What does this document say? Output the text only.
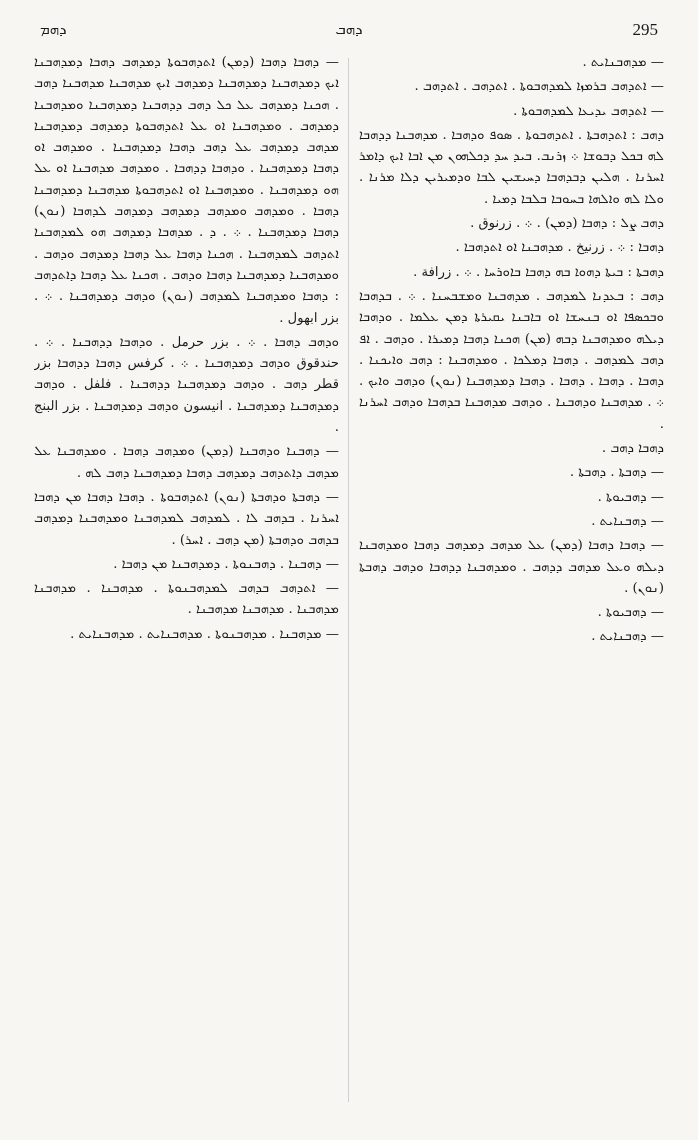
ܕܗܡ	ܕܗܒ	295

— ܡܕܗܒܢܐܝܬ .

— ܐܬܕܗܒ ܒܪܡܙܐ ܠܡܕܗܒܘܬܐ . ܐܬܕܗܒ . ܐܬܕܗܒ .

— ܐܬܕܗܒ ܝܕܝܥܐ ܠܡܕܗܒܘܬܐ .

ܕܗܒ : ܐܬܕܗܒܬܐ . ܐܬܕܗܒܘܬܐ . ܣܘܦ ܘܕܗܒܐ . ܡܕܗܒܢܐ ܕܕܗܒܐ ܠܗ ܒܟܠ ܕܒܘܫܐ ܀ ܙܪܢܒ. ܒܝܕ ܚܕ ܕܟܠܗܘܢ ܡܢ ܐܒܐ ܐܝܟ ܕܐܡܪ ܐܚܪܢܐ . ܗܠܝܢ ܕܒܕܗܒܐ ܕܚܝܫܝܢ ܠܒܐ ܘܕܡܝܪܝܢ ܕܠܐ ܡܪܢܐ . ܘܠܐ ܠܗ ܘܐܠܗܐ ܒܚܘܒܐ ܒܠܒܐ ܕܡܝܐ .

ܕܗܒ ܨܠ : ܕܗܒܐ (ܕܡܢ) . ܀ . زرنوق .

ܕܗܒܐ : ܀ . زرنيخ . ܡܕܗܒܢܐ ܐܘ ܐܬܕܗܒܐ .

ܕܗܒܬܐ : ܒܝܬܐ ܕܗܘܐ ܒܗ ܕܗܒܐ ܒܐܘܪܚܐ . ܀ . زرافة .

ܕܗܒ : ܒܥܕܢܐ ܠܡܕܗܒ . ܡܕܗܒܢܐ ܘܡܫܒܚܢܐ . ܀ . ܒܕܗܒܐ ܘܒܟܣܦܐ ܐܘ ܒܢܚܫܐ ܐܘ ܒܐܒܢܐ ܝܩܝܪܬܐ ܕܡܢ ܥܠܡܐ . ܘܕܗܒܐ ܕܝܠܗ ܘܡܕܗܒܢܐ ܕܒܗ (ܡܢ) ܗܟܢܐ ܕܗܒܐ ܕܡܝܪܐ . ܘܕܗܒ . ܐܦ ܕܗܒ ܠܡܕܗܒ . ܕܗܒܐ ܕܡܠܟܐ . ܘܡܕܗܒܢܐ : ܕܗܒ ܘܐܝܟܢܐ . ܕܗܒܐ . ܕܗܒܐ . ܕܗܒܐ . ܕܗܒܐ ܕܡܕܗܒܢܐ (ܢܘܢ) ܘܕܗܒ ܘܐܝܟ . ܀ . ܡܕܗܒܢܐ ܘܕܗܒܢܐ . ܘܕܗܒ ܡܕܗܒܢܐ ܒܕܗܒܐ ܘܕܗܒ ܐܚܪܢܐ .

ܕܗܒܐ ܕܗܒ .

— ܕܗܒܬܐ . ܕܗܒܬܐ .

— ܕܗܒܝܘܬܐ .

— ܕܗܒܢܐܝܬ .

— ܕܗܒܐ ܕܗܒܐ (ܕܡܢ) ܥܠ ܡܕܗܒ ܕܡܕܗܒ ܕܗܒܐ ܘܡܕܗܒܢܐ ܕܝܠܗ ܘܥܠ ܡܕܗܒ ܕܕܗܒ . ܘܡܕܗܒܢܐ ܕܕܗܒܐ ܘܕܗܒ ܕܗܒܬܐ (ܢܘܢ) .

— ܕܗܒܝܘܬܐ .

— ܕܗܒܢܐܝܬ .

— ܕܗܒܐ ܕܗܒܐ (ܕܡܢ) ܐܬܕܗܒܘܬܐ ܕܡܕܗܒ ܕܗܒܐ ܕܡܕܗܒܢܐ ܐܝܟ ܕܡܕܗܒܢܐ ܕܡܕܗܒܢܐ ܕܡܕܗܒ ܐܝܟ ܡܕܗܒܢܐ ܡܕܗܒܢܐ ܕܗܒ . ܗܟܢܐ ܕܡܕܗܒ ܥܠ ܟܠ ܕܗܒ ܕܕܗܒܢܐ ܕܡܕܗܒܢܐ ܘܡܕܗܒܢܐ ܕܡܕܗܒ . ܘܡܕܗܒܢܐ ܐܘ ܥܠ ܐܬܕܗܒܘܬܐ ܕܡܕܗܒ ܕܡܕܗܒܢܐ ܡܕܗܒ ܕܡܕܗܒ ܥܠ ܕܗܒ ܕܗܒܐ ܕܡܕܗܒܢܐ . ܘܡܕܗܒ ܐܘ ܕܗܒܐ ܕܡܕܗܒܢܐ . ܘܕܗܒܐ ܕܕܗܒܐ . ܘܡܕܗܒ ܡܕܗܒܢܐ ܐܘ ܥܠ ܗܘ ܕܡܕܗܒܢܐ . ܘܡܕܗܒܢܐ ܐܘ ܐܬܕܗܒܘܬܐ ܡܕܗܒܢܐ ܕܡܕܗܒܢܐ ܕܗܒܐ . ܘܡܕܗܒ ܘܡܕܗܒ ܕܡܕܗܒ ܕܡܕܗܒ ܠܕܗܒܐ (ܢܘܢ) ܕܗܒܐ ܕܡܕܗܒܢܐ . ܀ . ܕ . ܡܕܗܒܐ ܕܡܕܗܒ ܗܘ ܠܡܕܗܒܢܐ ܐܬܕܗܒ ܠܡܕܗܒܢܐ . ܗܟܢܐ ܕܗܒܐ ܥܠ ܕܗܒܐ ܕܡܕܗܒ ܘܕܗܒ . ܘܡܕܗܒܢܐ ܕܡܕܗܒܢܐ ܕܗܒܐ ܘܕܗܒ . ܗܟܢܐ ܥܠ ܕܗܒܐ ܕܐܬܕܗܒ : ܕܗܒܐ ܘܡܕܗܒܢܐ ܠܡܕܗܒ (ܢܘܢ) ܘܕܗܒ ܕܡܕܗܒܢܐ . ܀ . بزر ابهول .

ܘܕܗܒ ܕܗܒܐ . ܀ . بزر حرمل . ܘܕܗܒܐ ܕܕܗܒܢܐ . ܀ . حندقوق ܘܕܗܒ ܕܡܕܗܒܢܐ . ܀ . كرفس ܕܗܒܐ ܕܕܗܒܐ بزر قطر ܕܗܒ . ܘܕܗܒ ܕܡܕܗܒܢܐ ܕܕܗܒܢܐ . فلفل . ܘܕܗܒ ܕܡܕܗܒܢܐ ܕܡܕܗܒܢܐ . انيسون ܘܕܗܒ ܕܡܕܗܒܢܐ . بزر البنج .

— ܕܗܒܢܐ ܘܕܗܒܢܐ (ܕܡܢ) ܘܡܕܗܒ ܕܗܒܐ . ܘܡܕܗܒܢܐ ܥܠ ܡܕܗܒ ܕܐܬܕܗܒ ܕܡܕܗܒ ܕܗܒܐ ܕܡܕܗܒܢܐ ܕܗܒ ܠܗ .

— ܕܗܒܬܐ ܘܕܗܒܬܐ (ܢܘܢ) ܐܬܕܗܒܘܬܐ . ܕܗܒܐ ܕܗܒܐ ܡܢ ܕܗܒܐ ܐܚܪܢܐ . ܒܕܗܒ ܠܐ . ܠܡܕܗܒ ܠܡܕܗܒܢܐ ܘܡܕܗܒܢܐ ܕܡܕܗܒ ܒܕܗܒ ܘܕܗܒܬܐ (ܡܢ ܕܗܒ . ܐܚܪ) .

— ܕܗܒܢܐ . ܕܗܒܢܘܬܐ . ܕܡܕܗܒܢܐ ܡܢ ܕܗܒܐ .

— ܐܬܕܗܒ ܒܕܗܒ ܠܡܕܗܒܢܘܬܐ . ܡܕܗܒܢܐ . ܡܕܗܒܢܐ ܡܕܗܒܢܐ . ܡܕܗܒܢܐ ܡܕܗܒܢܐ .

— ܡܕܗܒܢܐ . ܡܕܗܒܢܘܬܐ . ܡܕܗܒܢܐܝܬ . ܡܕܗܒܢܐܝܬ .
